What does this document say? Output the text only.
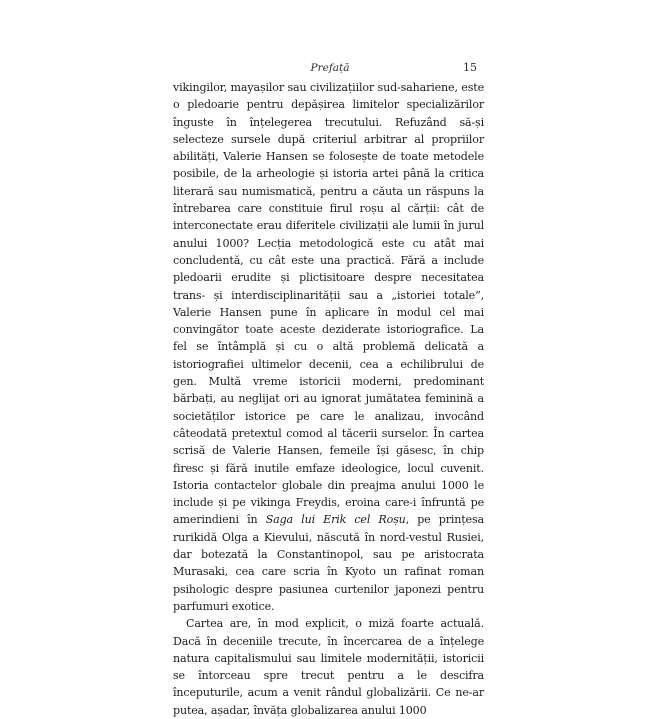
Prefață	15

vikingilor, mayașilor sau civilizațiilor sud-sahariene, este o pledoarie pentru depășirea limitelor specializărilor înguste în înțelegerea trecutului. Refuzând să-și selecteze sursele după criteriul arbitrar al propriilor abilități, Valerie Hansen se folosește de toate metodele posibile, de la arheologie și istoria artei până la critica literară sau numismatică, pentru a căuta un răspuns la întrebarea care constituie firul roșu al cărții: cât de interconectate erau diferitele civilizații ale lumii în jurul anului 1000? Lecția metodologică este cu atât mai concludentă, cu cât este una practică. Fără a include pledoarii erudite și plictisitoare despre necesitatea trans- și interdisciplinarității sau a „istoriei totale”, Valerie Hansen pune în aplicare în modul cel mai convingător toate aceste deziderate istoriografice. La fel se întâmplă și cu o altă problemă delicată a istoriografiei ultimelor decenii, cea a echilibrului de gen. Multă vreme istoricii moderni, predominant bărbați, au neglijat ori au ignorat jumătatea feminină a societăților istorice pe care le analizau, invocând câteodată pretextul comod al tăcerii surselor. În cartea scrisă de Valerie Hansen, femeile își găsesc, în chip firesc și fără inutile emfaze ideologice, locul cuvenit. Istoria contactelor globale din preajma anului 1000 le include și pe vikinga Freydis, eroina care-i înfruntă pe amerindieni în Saga lui Erik cel Roșu, pe prințesa rurikidă Olga a Kievului, născută în nord-vestul Rusiei, dar botezată la Constantinopol, sau pe aristocrata Murasaki, cea care scria în Kyoto un rafinat roman psihologic despre pasiunea curtenilor japonezi pentru parfumuri exotice.

Cartea are, în mod explicit, o miză foarte actuală. Dacă în deceniile trecute, în încercarea de a înțelege natura capitalismului sau limitele modernității, istoricii se întorceau spre trecut pentru a le descifra începuturile, acum a venit rândul globalizării. Ce ne-ar putea, așadar, învăța globalizarea anului 1000
